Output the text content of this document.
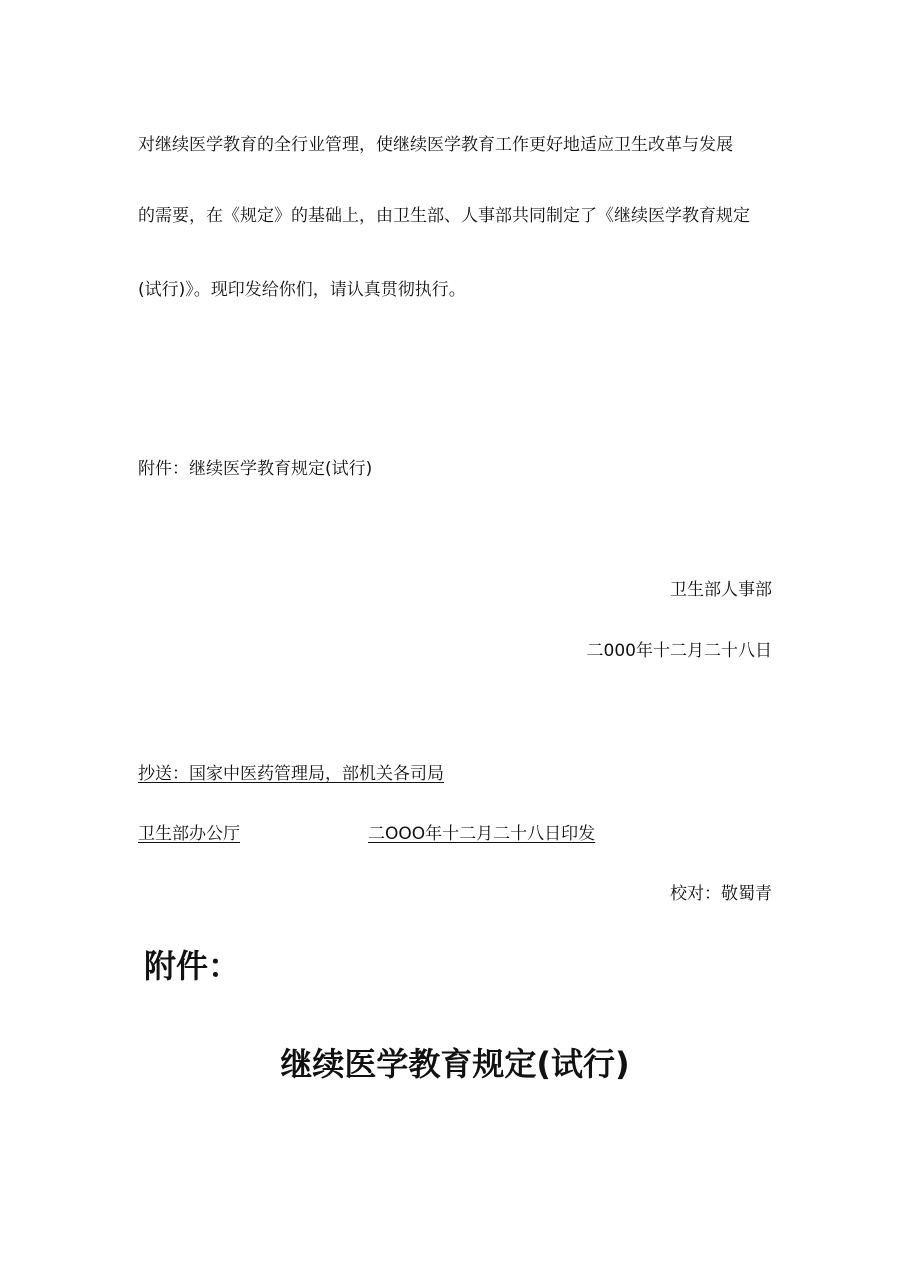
对继续医学教育的全行业管理，使继续医学教育工作更好地适应卫生改革与发展
的需要，在《规定》的基础上，由卫生部、人事部共同制定了《继续医学教育规定
(试行)》。现印发给你们，请认真贯彻执行。
附件：继续医学教育规定(试行)
卫生部人事部
二000年十二月二十八日
抄送：国家中医药管理局，部机关各司局
卫生部办公厅	二OOO年十二月二十八日印发
校对：敬蜀青
附件：
继续医学教育规定(试行)
